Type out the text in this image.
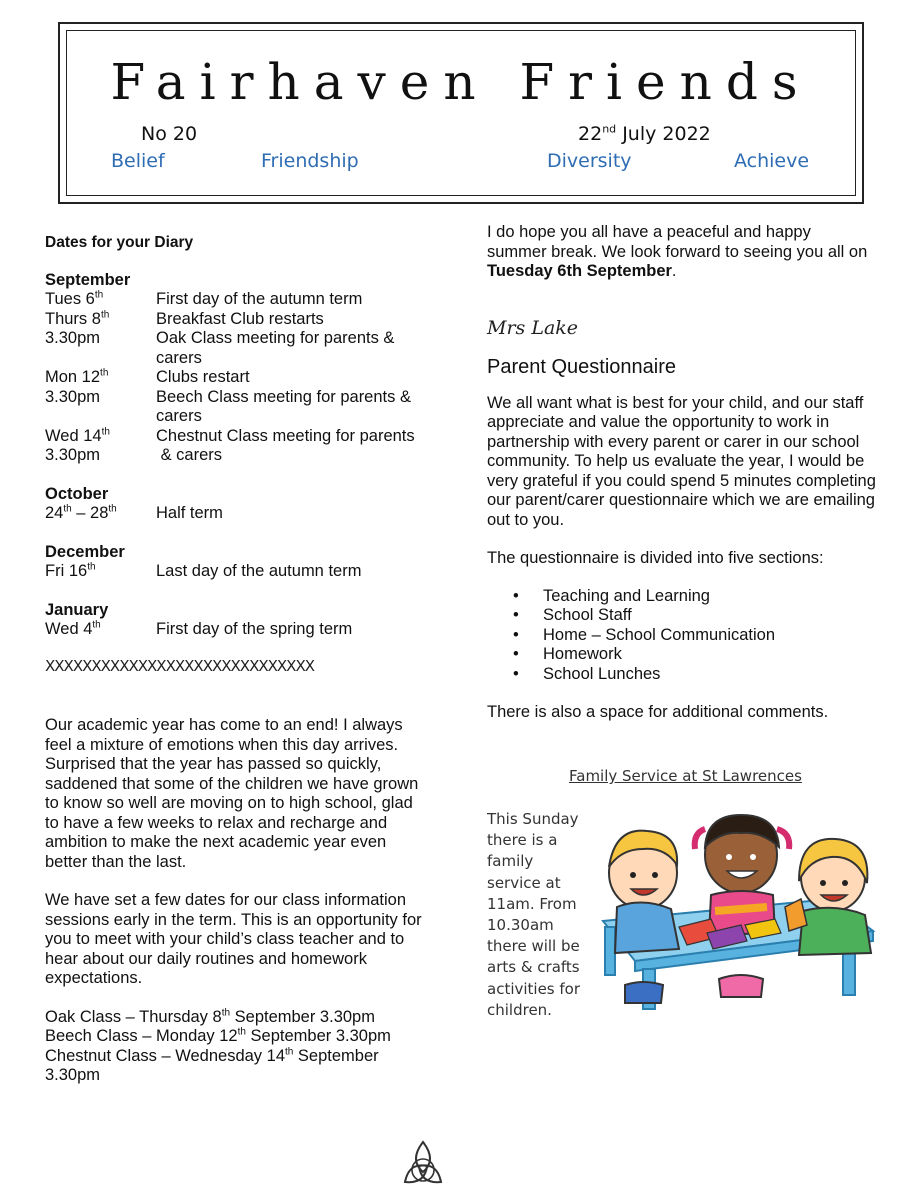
Fairhaven Friends
No 20	22nd July 2022
Belief	Friendship	Diversity	Achieve
Dates for your Diary
September
Tues 6th	First day of the autumn term
Thurs 8th	Breakfast Club restarts
3.30pm	Oak Class meeting for parents & carers
Mon 12th	Clubs restart
3.30pm	Beech Class meeting for parents & carers
Wed 14th	Chestnut Class meeting for parents
3.30pm	& carers
October
24th – 28th	Half term
December
Fri 16th	Last day of the autumn term
January
Wed 4th	First day of the spring term
XXXXXXXXXXXXXXXXXXXXXXXXXXXXX

Our academic year has come to an end! I always feel a mixture of emotions when this day arrives. Surprised that the year has passed so quickly, saddened that some of the children we have grown to know so well are moving on to high school, glad to have a few weeks to relax and recharge and ambition to make the next academic year even better than the last.

We have set a few dates for our class information sessions early in the term. This is an opportunity for you to meet with your child’s class teacher and to hear about our daily routines and homework expectations.

Oak Class – Thursday 8th September 3.30pm
Beech Class – Monday 12th September 3.30pm
Chestnut Class – Wednesday 14th September 3.30pm

I do hope you all have a peaceful and happy summer break. We look forward to seeing you all on Tuesday 6th September.

Mrs Lake
Parent Questionnaire

We all want what is best for your child, and our staff appreciate and value the opportunity to work in partnership with every parent or carer in our school community. To help us evaluate the year, I would be very grateful if you could spend 5 minutes completing our parent/carer questionnaire which we are emailing out to you.

The questionnaire is divided into five sections:

• Teaching and Learning
• School Staff
• Home – School Communication
• Homework
• School Lunches

There is also a space for additional comments.

Family Service at St Lawrences
This Sunday there is a family service at 11am. From 10.30am there will be arts & crafts activities for children.
